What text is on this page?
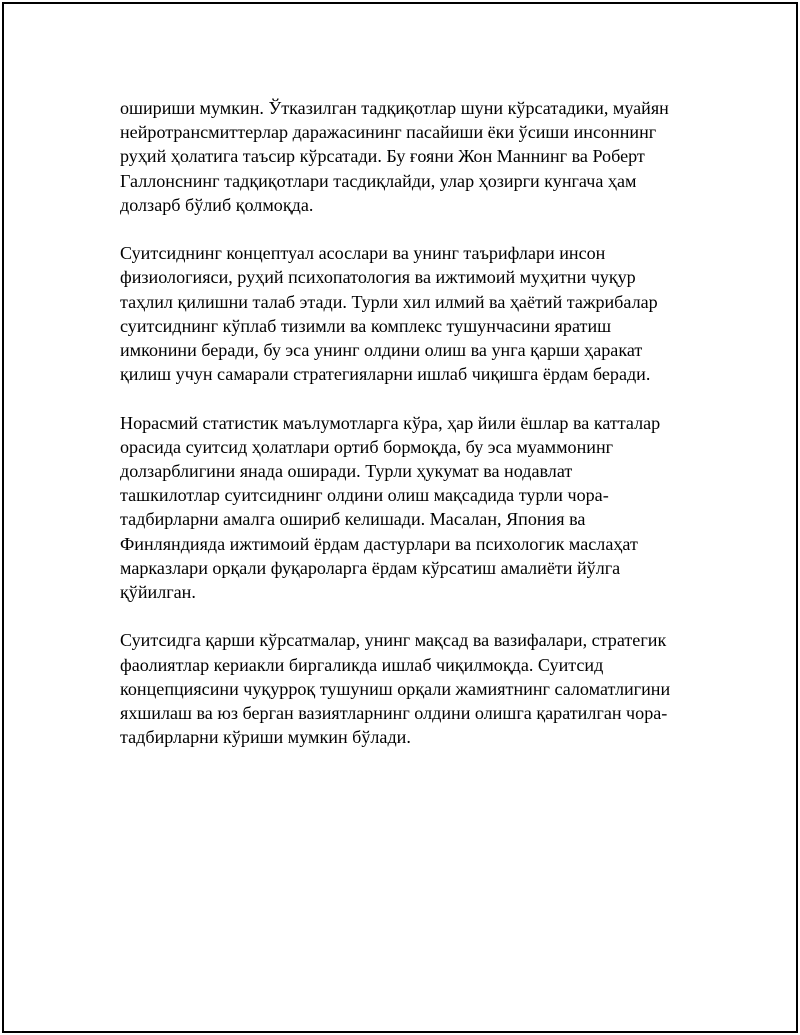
ошириши мумкин. Ўтказилган тадқиқотлар шуни кўрсатадики, муайян
нейротрансмиттерлар даражасининг пасайиши ёки ўсиши инсоннинг
руҳий ҳолатига таъсир кўрсатади. Бу ғояни Жон Маннинг ва Роберт
Галлонснинг тадқиқотлари тасдиқлайди, улар ҳозирги кунгача ҳам
долзарб бўлиб қолмоқда.

Суитсиднинг концептуал асослари ва унинг таърифлари инсон
физиологияси, руҳий психопатология ва ижтимоий муҳитни чуқур
таҳлил қилишни талаб этади. Турли хил илмий ва ҳаётий тажрибалар
суитсиднинг кўплаб тизимли ва комплекс тушунчасини яратиш
имконини беради, бу эса унинг олдини олиш ва унга қарши ҳаракат
қилиш учун самарали стратегияларни ишлаб чиқишга ёрдам беради.

Норасмий статистик маълумотларга кўра, ҳар йили ёшлар ва катталар
орасида суитсид ҳолатлари ортиб бормоқда, бу эса муаммонинг
долзарблигини янада оширади. Турли ҳукумат ва нодавлат
ташкилотлар суитсиднинг олдини олиш мақсадида турли чора-
тадбирларни амалга ошириб келишади. Масалан, Япония ва
Финляндияда ижтимоий ёрдам дастурлари ва психологик маслаҳат
марказлари орқали фуқароларга ёрдам кўрсатиш амалиёти йўлга
қўйилган.

Суитсидга қарши кўрсатмалар, унинг мақсад ва вазифалари, стратегик
фаолиятлар кериакли биргаликда ишлаб чиқилмоқда. Суитсид
концепциясини чуқурроқ тушуниш орқали жамиятнинг саломатлигини
яхшилаш ва юз берган вазиятларнинг олдини олишга қаратилган чора-
тадбирларни кўриши мумкин бўлади.
